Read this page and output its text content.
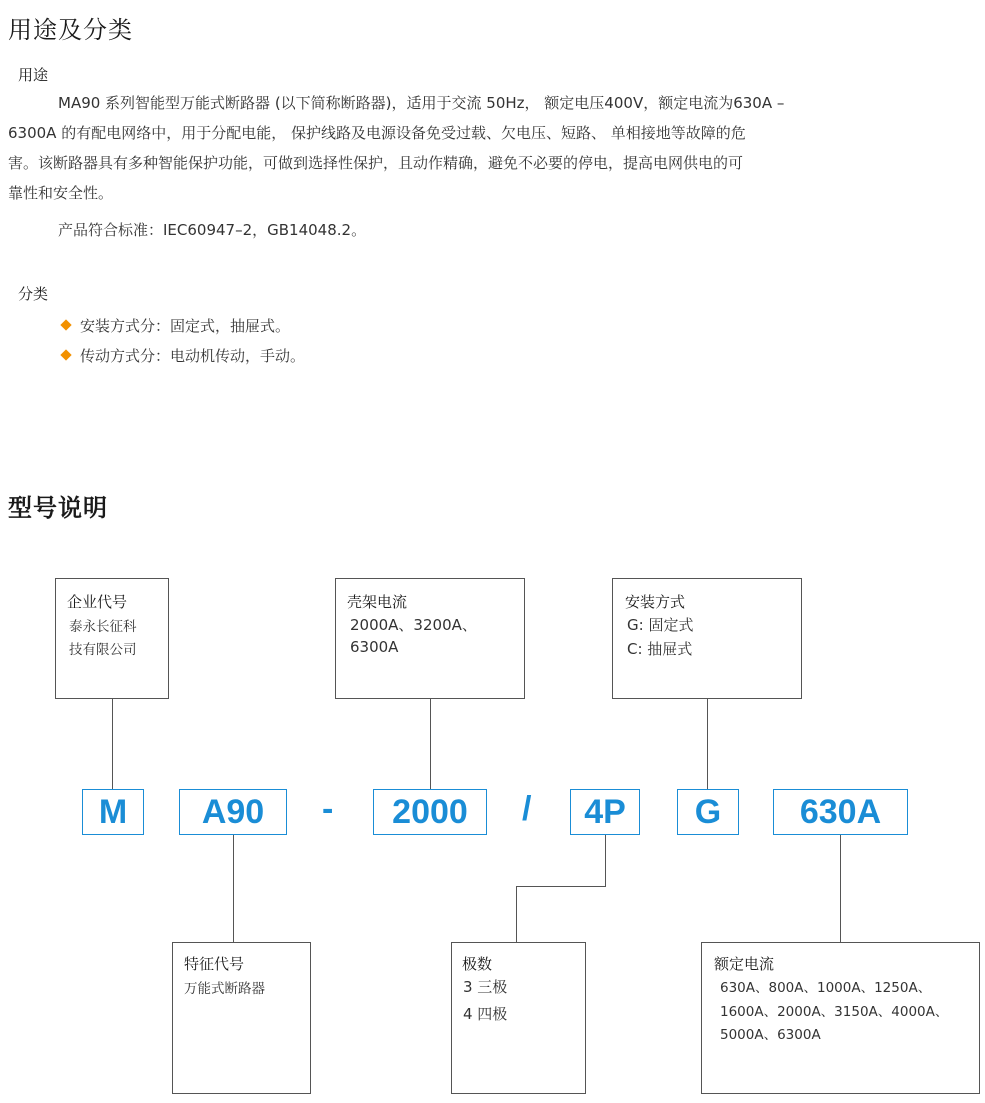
用途及分类
用途
MA90 系列智能型万能式断路器 (以下简称断路器)，适用于交流 50Hz， 额定电压400V，额定电流为630A –
6300A 的有配电网络中，用于分配电能， 保护线路及电源设备免受过载、欠电压、短路、 单相接地等故障的危
害。该断路器具有多种智能保护功能，可做到选择性保护，且动作精确，避免不必要的停电，提高电网供电的可
靠性和安全性。
产品符合标准：IEC60947–2，GB14048.2。
分类
安装方式分：固定式，抽屉式。
传动方式分：电动机传动，手动。
型号说明
企业代号
泰永长征科
技有限公司
壳架电流
2000A、3200A、
6300A
安装方式
G: 固定式
C: 抽屉式
M	A90	-	2000	/	4P	G	630A
特征代号
万能式断路器
极数
3 三极
4 四极
额定电流
630A、800A、1000A、1250A、
1600A、2000A、3150A、4000A、
5000A、6300A
